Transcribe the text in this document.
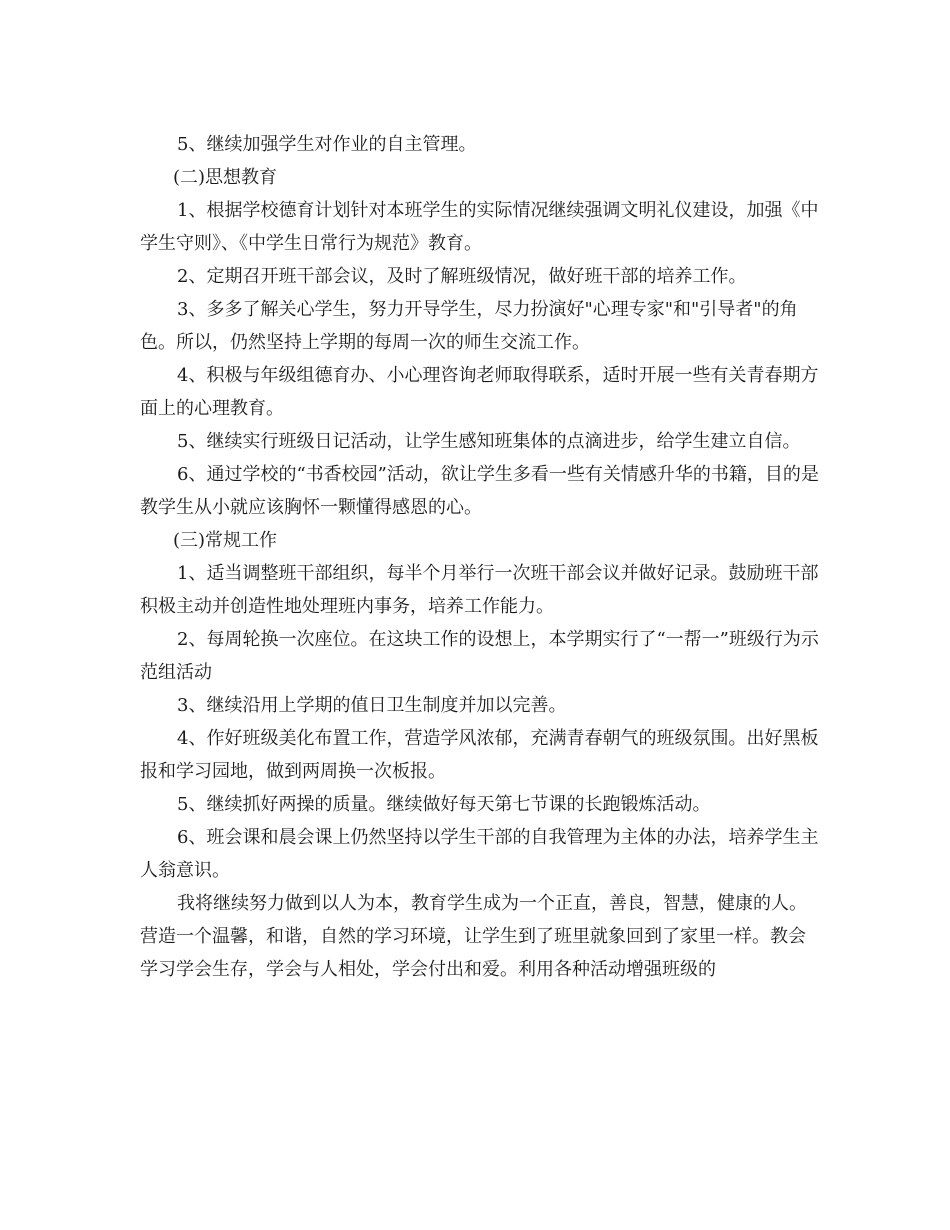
5、继续加强学生对作业的自主管理。

(二)思想教育

1、根据学校德育计划针对本班学生的实际情况继续强调文明礼仪建设，加强《中学生守则》、《中学生日常行为规范》教育。

2、定期召开班干部会议，及时了解班级情况，做好班干部的培养工作。

3、多多了解关心学生，努力开导学生，尽力扮演好"心理专家"和"引导者"的角色。所以，仍然坚持上学期的每周一次的师生交流工作。

4、积极与年级组德育办、小心理咨询老师取得联系，适时开展一些有关青春期方面上的心理教育。

5、继续实行班级日记活动，让学生感知班集体的点滴进步，给学生建立自信。

6、通过学校的“书香校园”活动，欲让学生多看一些有关情感升华的书籍，目的是教学生从小就应该胸怀一颗懂得感恩的心。

(三)常规工作

1、适当调整班干部组织，每半个月举行一次班干部会议并做好记录。鼓励班干部积极主动并创造性地处理班内事务，培养工作能力。

2、每周轮换一次座位。在这块工作的设想上，本学期实行了“一帮一”班级行为示范组活动

3、继续沿用上学期的值日卫生制度并加以完善。

4、作好班级美化布置工作，营造学风浓郁，充满青春朝气的班级氛围。出好黑板报和学习园地，做到两周换一次板报。

5、继续抓好两操的质量。继续做好每天第七节课的长跑锻炼活动。

6、班会课和晨会课上仍然坚持以学生干部的自我管理为主体的办法，培养学生主人翁意识。

我将继续努力做到以人为本，教育学生成为一个正直，善良，智慧，健康的人。营造一个温馨，和谐，自然的学习环境，让学生到了班里就象回到了家里一样。教会学习学会生存，学会与人相处，学会付出和爱。利用各种活动增强班级的
